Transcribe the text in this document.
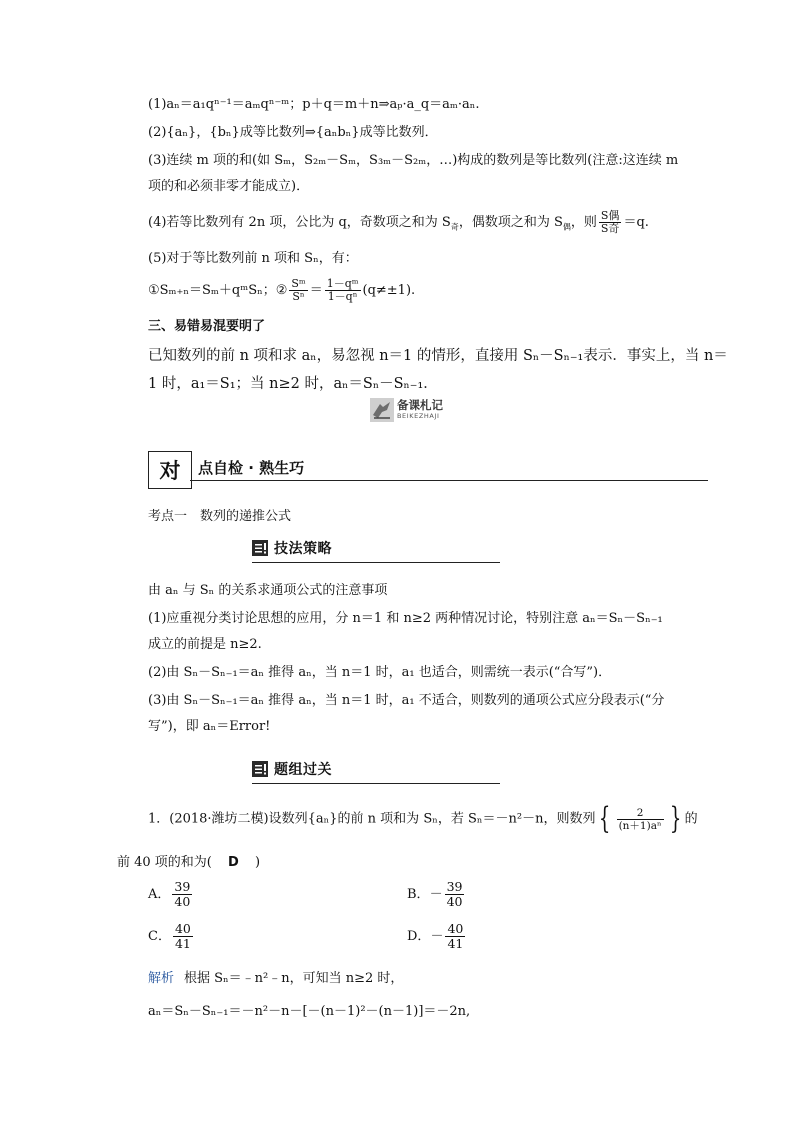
(1)aₙ＝a₁qⁿ⁻¹＝aₘqⁿ⁻ᵐ；p＋q＝m＋n⇒aₚ·a_q＝aₘ·aₙ.
(2){aₙ}，{bₙ}成等比数列⇒{aₙbₙ}成等比数列．
(3)连续 m 项的和(如 Sₘ，S₂ₘ－Sₘ，S₃ₘ－S₂ₘ，…)构成的数列是等比数列(注意:这连续 m
项的和必须非零才能成立)．
(4)若等比数列有 2n 项，公比为 q，奇数项之和为 $S_奇$，偶数项之和为 $S_偶$，则 $\frac{\text{S偶}}{\text{S奇}} =q$.
(5)对于等比数列前 n 项和 Sₙ，有：
①Sₘ₊ₙ＝Sₘ＋qᵐSₙ；② $\frac{\text{Sᵐ}}{\text{Sⁿ}} = \frac{\text{1－qᵐ}}{\text{1－qⁿ}} (q\ne\pm 1)$.
三、易错易混要明了
已知数列的前 n 项和求 aₙ，易忽视 n＝1 的情形，直接用 Sₙ－Sₙ₋₁表示．事实上，当 n＝
1 时，a₁＝S₁；当 n≥2 时，aₙ＝Sₙ－Sₙ₋₁．
备课札记
BEIKEZHAJI
对 点自检 · 熟生巧
考点一　数列的递推公式
技法策略
由 aₙ 与 Sₙ 的关系求通项公式的注意事项
(1)应重视分类讨论思想的应用，分 n＝1 和 n≥2 两种情况讨论，特别注意 aₙ＝Sₙ－Sₙ₋₁
成立的前提是 n≥2.
(2)由 Sₙ－Sₙ₋₁＝aₙ 推得 aₙ，当 n＝1 时，a₁ 也适合，则需统一表示(“合写”)．
(3)由 Sₙ－Sₙ₋₁＝aₙ 推得 aₙ，当 n＝1 时，a₁ 不适合，则数列的通项公式应分段表示(“分
写”)，即 aₙ＝Error!
题组过关
1．(2018·潍坊二模)设数列{aₙ}的前 n 项和为 Sₙ，若 Sₙ＝－n²－n，则数列 { $\frac{2}{\text{(n＋1)aⁿ}}$ } 的
前 40 项的和为( D )
A． $\frac{39}{40}$	B．－ $\frac{39}{40}$
C． $\frac{40}{41}$	D．－ $\frac{40}{41}$
解析 根据 Sₙ＝﹣n²﹣n，可知当 n≥2 时，
aₙ＝Sₙ－Sₙ₋₁＝－n²－n－[－(n－1)²－(n－1)]＝－2n,
